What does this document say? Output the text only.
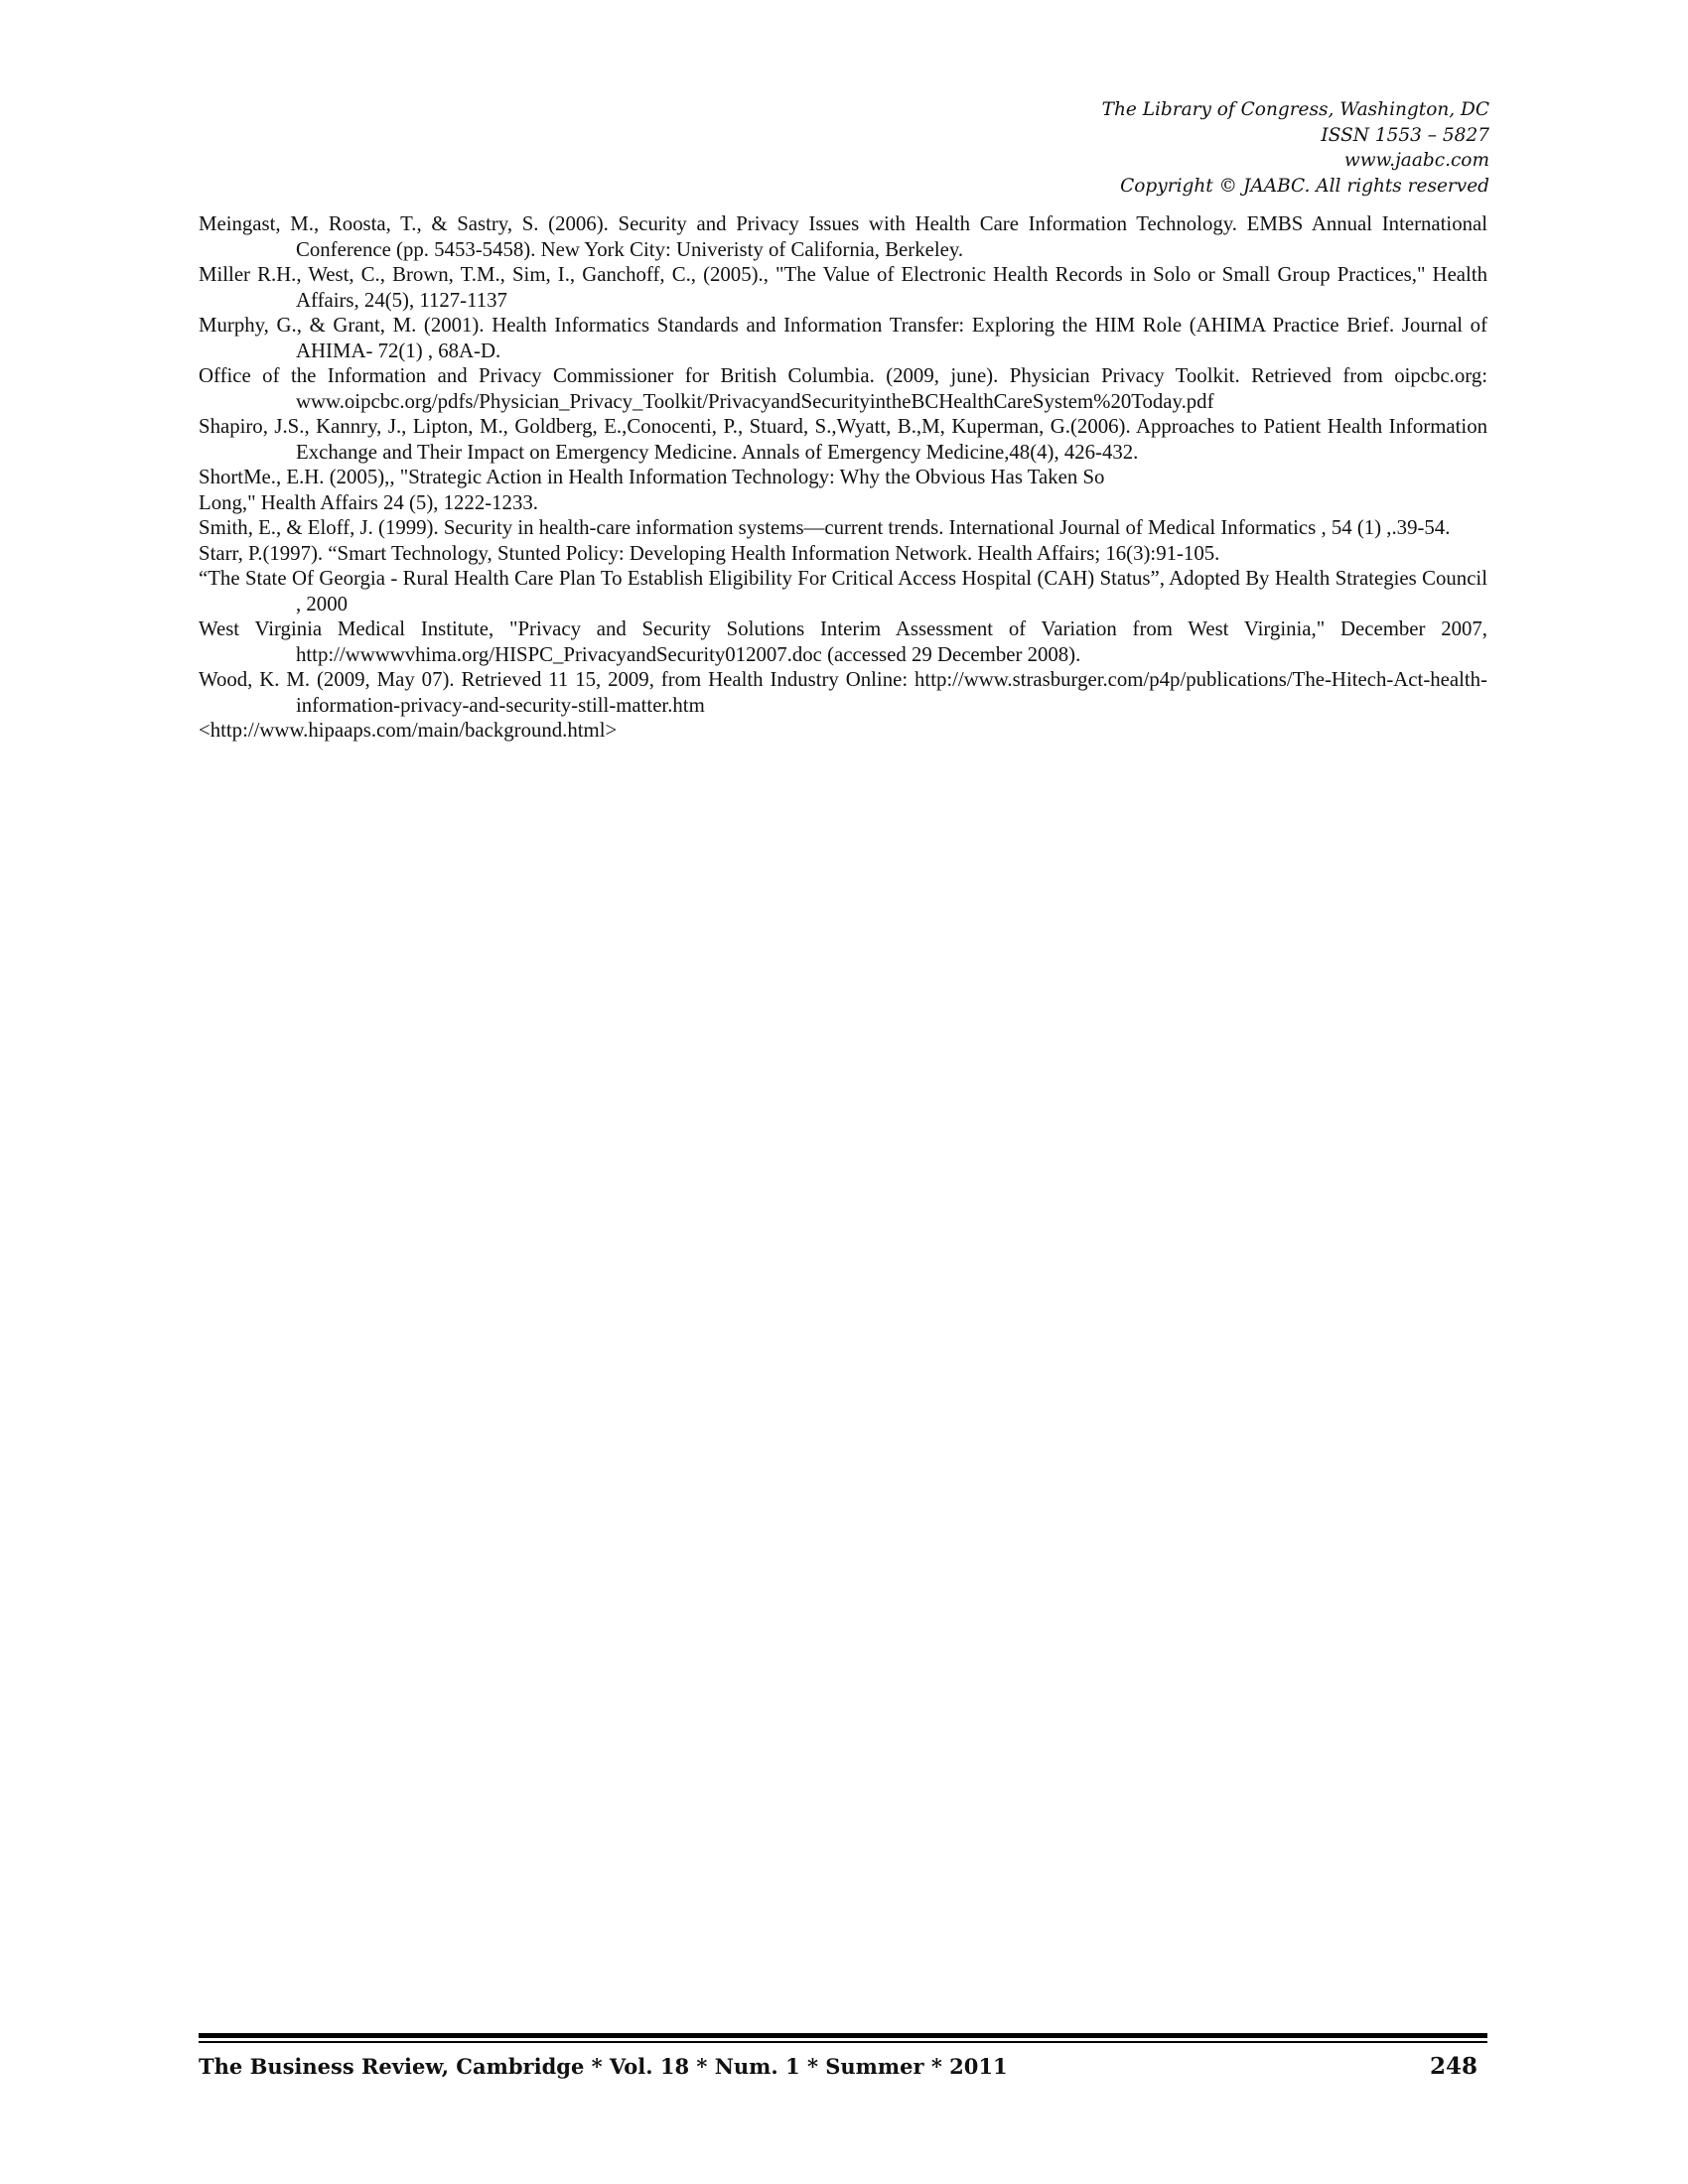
The Library of Congress, Washington, DC
ISSN 1553 – 5827
www.jaabc.com
Copyright © JAABC. All rights reserved
Meingast, M., Roosta, T., & Sastry, S. (2006). Security and Privacy Issues with Health Care Information Technology. EMBS Annual International Conference (pp. 5453-5458). New York City: Univeristy of California, Berkeley.
Miller R.H., West, C., Brown, T.M., Sim, I., Ganchoff, C., (2005)., "The Value of Electronic Health Records in Solo or Small Group Practices," Health Affairs, 24(5), 1127-1137
Murphy, G., & Grant, M. (2001). Health Informatics Standards and Information Transfer: Exploring the HIM Role (AHIMA Practice Brief. Journal of AHIMA- 72(1) , 68A-D.
Office of the Information and Privacy Commissioner for British Columbia. (2009, june). Physician Privacy Toolkit. Retrieved from oipcbc.org: www.oipcbc.org/pdfs/Physician_Privacy_Toolkit/PrivacyandSecurityintheBCHealthCareSystem%20Today.pdf
Shapiro, J.S., Kannry, J., Lipton, M., Goldberg, E.,Conocenti, P., Stuard, S.,Wyatt, B.,M, Kuperman, G.(2006). Approaches to Patient Health Information Exchange and Their Impact on Emergency Medicine. Annals of Emergency Medicine,48(4), 426-432.
ShortMe., E.H. (2005),, "Strategic Action in Health Information Technology: Why the Obvious Has Taken So
Long," Health Affairs 24 (5), 1222-1233.
Smith, E., & Eloff, J. (1999). Security in health-care information systems—current trends. International Journal of Medical Informatics , 54 (1) ,.39-54.
Starr, P.(1997). “Smart Technology, Stunted Policy: Developing Health Information Network. Health Affairs; 16(3):91-105.
“The State Of Georgia - Rural Health Care Plan To Establish Eligibility For Critical Access Hospital (CAH) Status”, Adopted By Health Strategies Council , 2000
West Virginia Medical Institute, "Privacy and Security Solutions Interim Assessment of Variation from West Virginia," December 2007, http://wwwwvhima.org/HISPC_PrivacyandSecurity012007.doc (accessed 29 December 2008).
Wood, K. M. (2009, May 07). Retrieved 11 15, 2009, from Health Industry Online: http://www.strasburger.com/p4p/publications/The-Hitech-Act-health-information-privacy-and-security-still-matter.htm
<http://www.hipaaps.com/main/background.html>
The Business Review, Cambridge * Vol. 18 * Num. 1 * Summer * 2011	248
